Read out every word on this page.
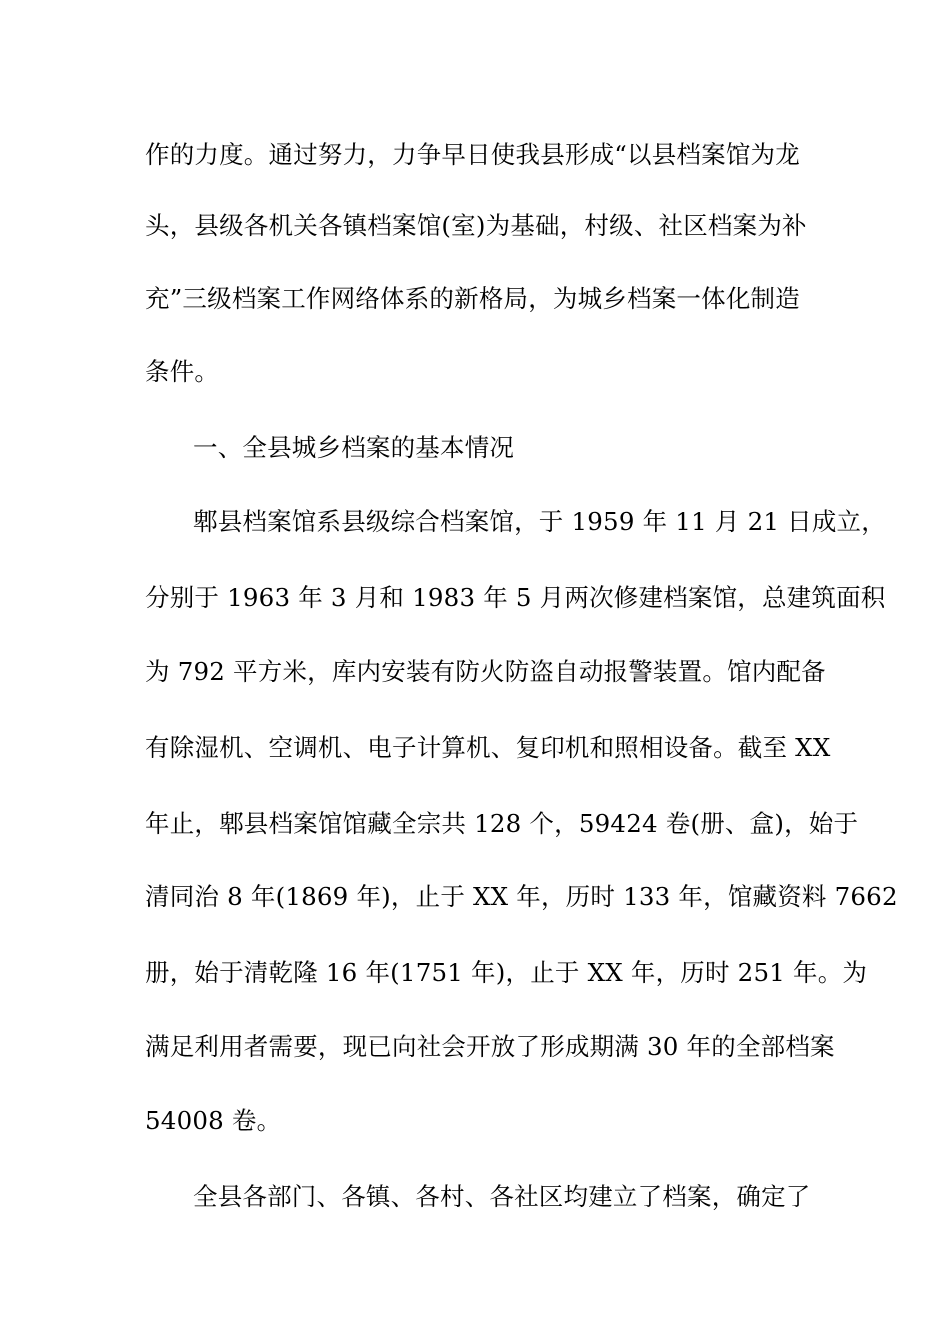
作的力度。通过努力，力争早日使我县形成“以县档案馆为龙
头，县级各机关各镇档案馆(室)为基础，村级、社区档案为补
充”三级档案工作网络体系的新格局，为城乡档案一体化制造
条件。
一、全县城乡档案的基本情况
郫县档案馆系县级综合档案馆，于 1959 年 11 月 21 日成立，
分别于 1963 年 3 月和 1983 年 5 月两次修建档案馆，总建筑面积
为 792 平方米，库内安装有防火防盗自动报警装置。馆内配备
有除湿机、空调机、电子计算机、复印机和照相设备。截至 XX
年止，郫县档案馆馆藏全宗共 128 个，59424 卷(册、盒)，始于
清同治 8 年(1869 年)，止于 XX 年，历时 133 年，馆藏资料 7662
册，始于清乾隆 16 年(1751 年)，止于 XX 年，历时 251 年。为
满足利用者需要，现已向社会开放了形成期满 30 年的全部档案
54008 卷。
全县各部门、各镇、各村、各社区均建立了档案，确定了
